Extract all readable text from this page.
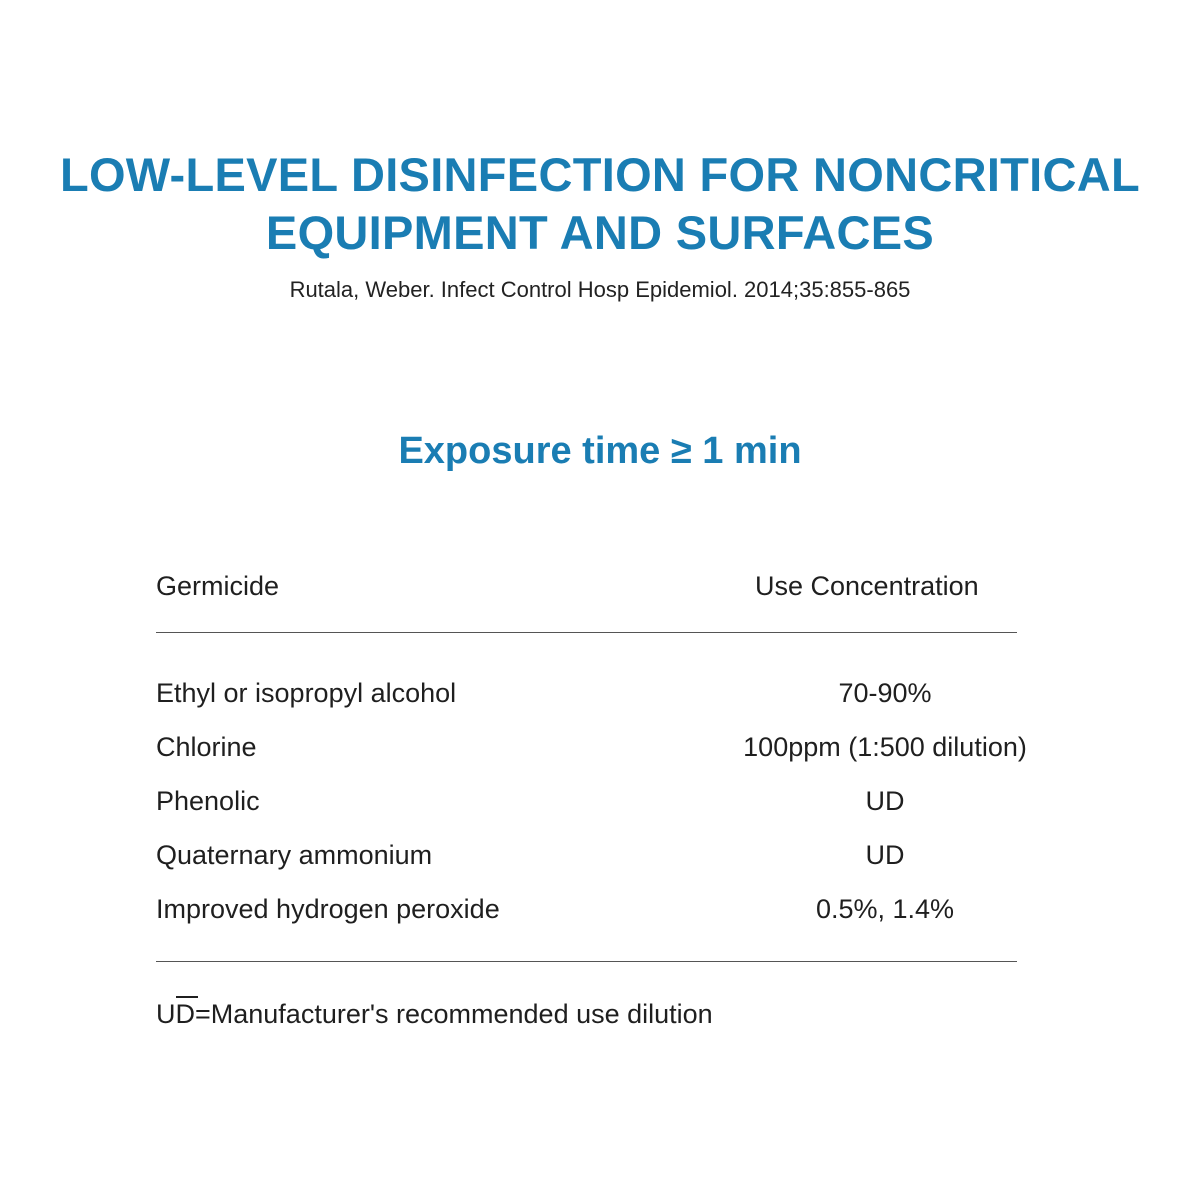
LOW-LEVEL DISINFECTION FOR NONCRITICAL
EQUIPMENT AND SURFACES
Rutala, Weber. Infect Control Hosp Epidemiol. 2014;35:855-865
Exposure time ≥ 1 min
Germicide	Use Concentration
Ethyl or isopropyl alcohol	70-90%
Chlorine	100ppm (1:500 dilution)
Phenolic	UD
Quaternary ammonium	UD
Improved hydrogen peroxide	0.5%, 1.4%
UD
=Manufacturer's recommended use dilution
